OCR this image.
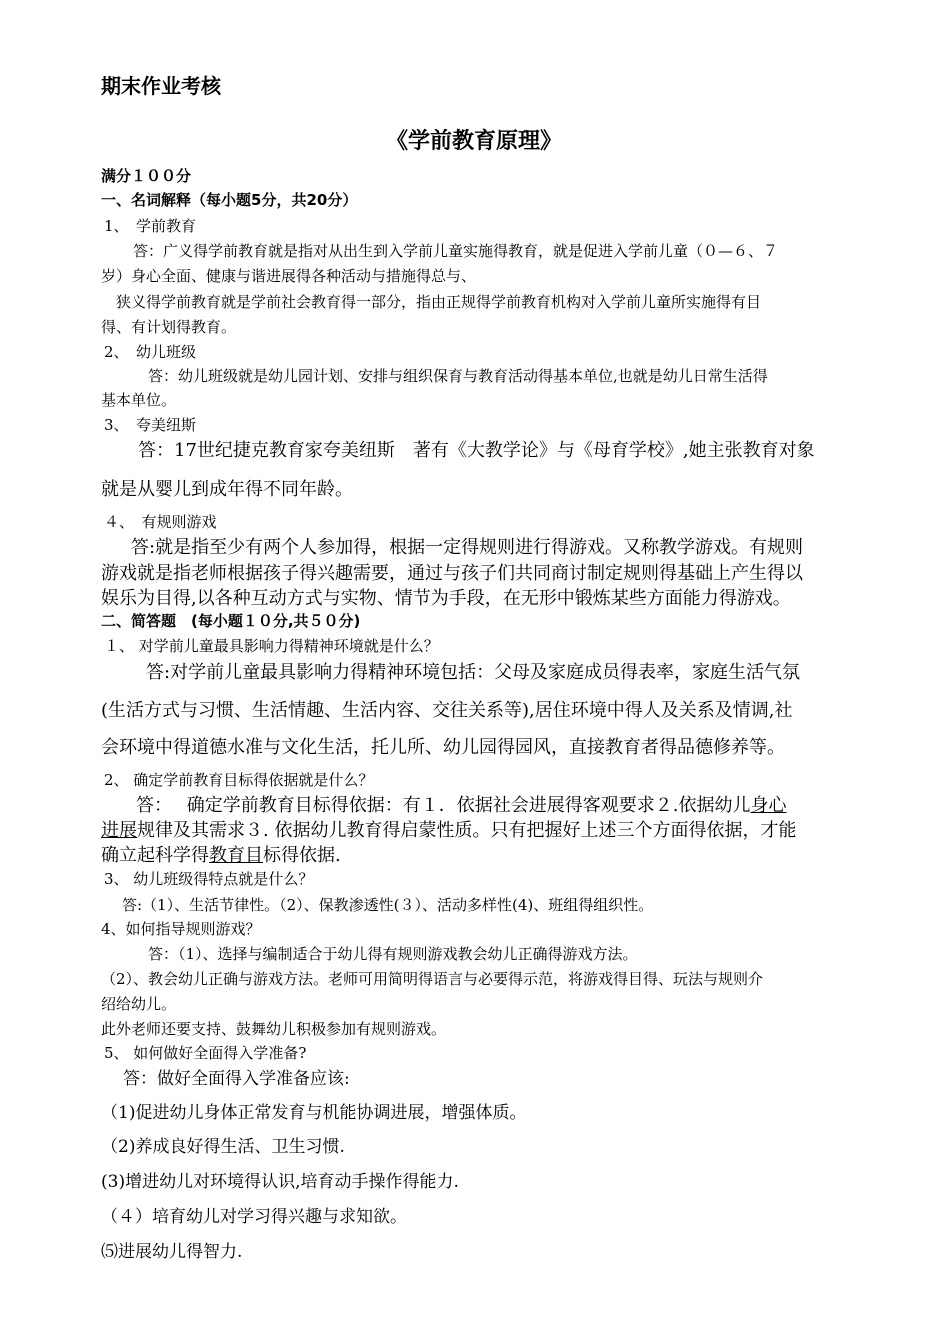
期末作业考核
《学前教育原理》
满分１００分
一、名词解释（每小题5分，共20分）
1、　学前教育
答：广义得学前教育就是指对从出生到入学前儿童实施得教育，就是促进入学前儿童（０—６、７
岁）身心全面、健康与谐进展得各种活动与措施得总与、
狭义得学前教育就是学前社会教育得一部分，指由正规得学前教育机构对入学前儿童所实施得有目
得、有计划得教育。
2、　幼儿班级
答：幼儿班级就是幼儿园计划、安排与组织保育与教育活动得基本单位,也就是幼儿日常生活得
基本单位。
3、　夸美纽斯
答：17世纪捷克教育家夸美纽斯　著有《大教学论》与《母育学校》,她主张教育对象
就是从婴儿到成年得不同年龄。
４、　有规则游戏
答:就是指至少有两个人参加得，根据一定得规则进行得游戏。又称教学游戏。有规则
游戏就是指老师根据孩子得兴趣需要，通过与孩子们共同商讨制定规则得基础上产生得以
娱乐为目得,以各种互动方式与实物、情节为手段，在无形中锻炼某些方面能力得游戏。
二、简答题　(每小题１０分,共５０分)
１、 对学前儿童最具影响力得精神环境就是什么？
答:对学前儿童最具影响力得精神环境包括：父母及家庭成员得表率，家庭生活气氛
(生活方式与习惯、生活情趣、生活内容、交往关系等),居住环境中得人及关系及情调,社
会环境中得道德水准与文化生活，托儿所、幼儿园得园风，直接教育者得品德修养等。
2、 确定学前教育目标得依据就是什么？
答：　 确定学前教育目标得依据：有１．依据社会进展得客观要求２.依据幼儿身心
进展规律及其需求３. 依据幼儿教育得启蒙性质。只有把握好上述三个方面得依据，才能
确立起科学得教育目标得依据.
3、 幼儿班级得特点就是什么？
答:（1）、生活节律性。（2）、保教渗透性(３）、活动多样性(4)、班组得组织性。
4、如何指导规则游戏？
答：（1）、选择与编制适合于幼儿得有规则游戏教会幼儿正确得游戏方法。
（2）、教会幼儿正确与游戏方法。老师可用简明得语言与必要得示范，将游戏得目得、玩法与规则介
绍给幼儿。
此外老师还要支持、鼓舞幼儿积极参加有规则游戏。
5、 如何做好全面得入学准备?
答：做好全面得入学准备应该:
（1)促进幼儿身体正常发育与机能协调进展，增强体质。
（2)养成良好得生活、卫生习惯.
(3)增进幼儿对环境得认识,培育动手操作得能力.
（４）培育幼儿对学习得兴趣与求知欲。
⑸进展幼儿得智力.
